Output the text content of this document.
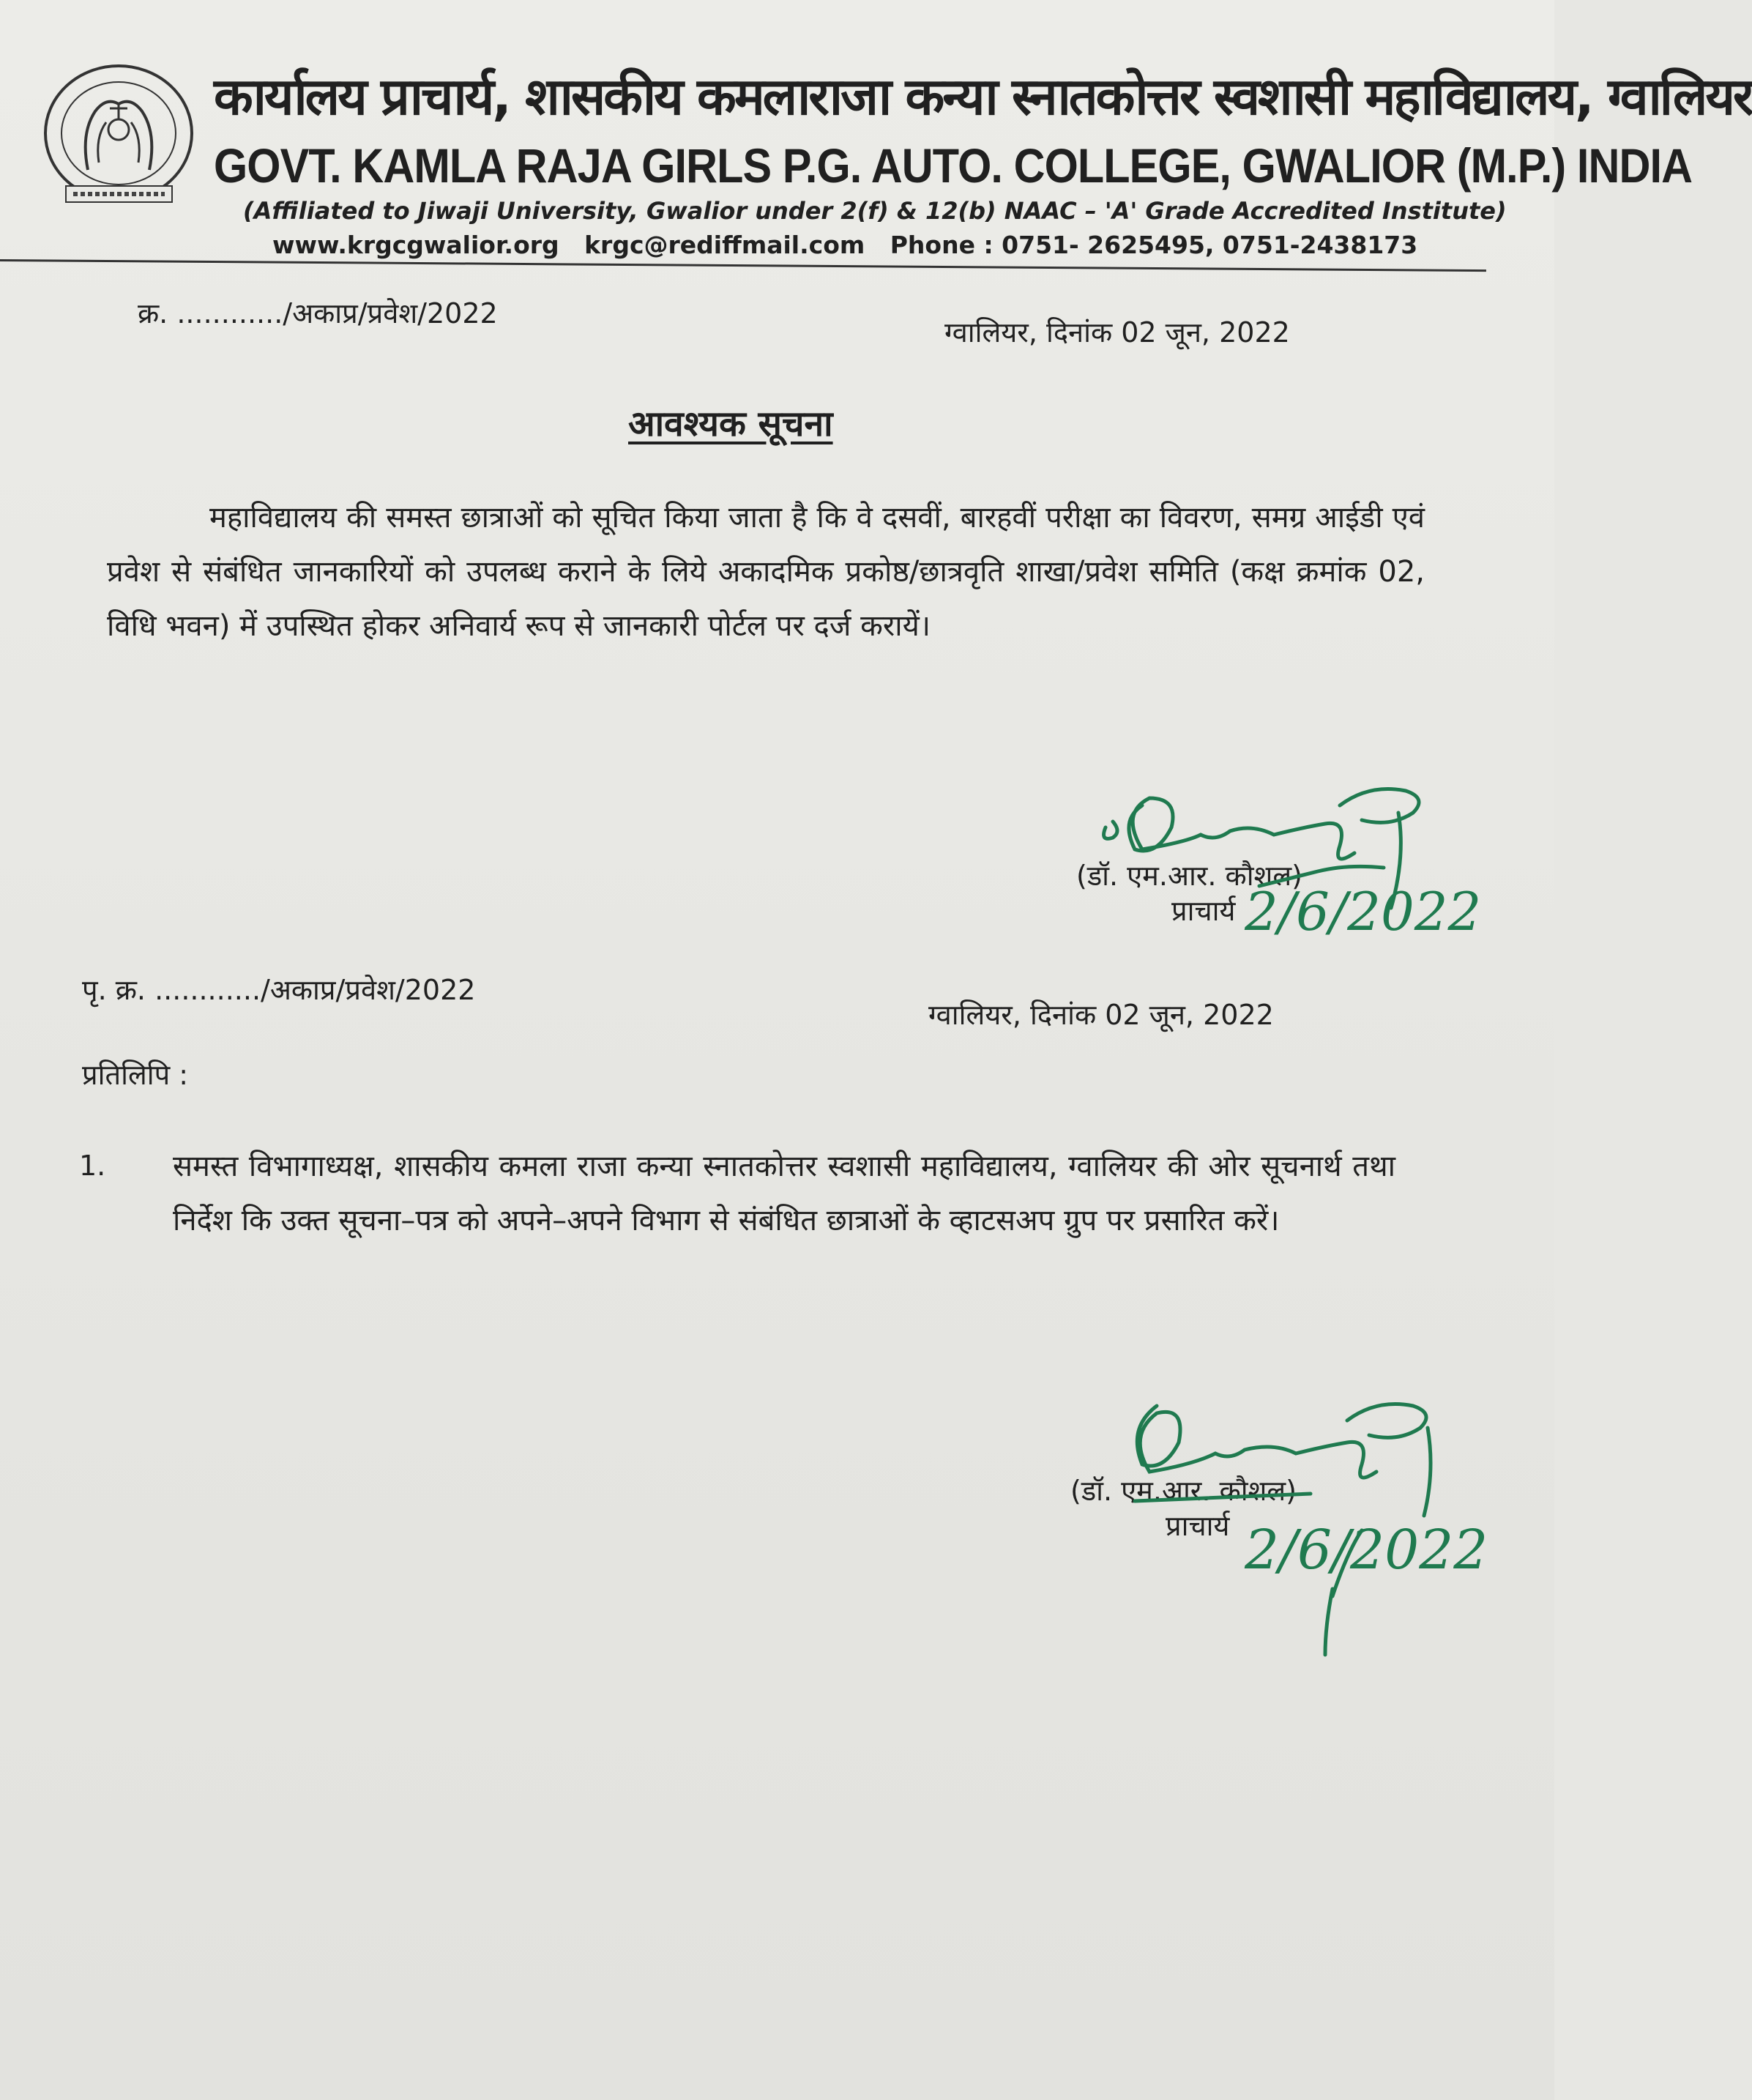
कार्यालय प्राचार्य, शासकीय कमलाराजा कन्या स्नातकोत्तर स्वशासी महाविद्यालय, ग्वालियर
GOVT. KAMLA RAJA GIRLS P.G. AUTO. COLLEGE, GWALIOR (M.P.) INDIA
(Affiliated to Jiwaji University, Gwalior under 2(f) & 12(b) NAAC – 'A' Grade Accredited Institute)
www.krgcgwalior.org krgc@rediffmail.com Phone : 0751- 2625495, 0751-2438173
क्र. ............/अकाप्र/प्रवेश/2022
ग्वालियर, दिनांक 02 जून, 2022
आवश्यक सूचना
महाविद्यालय की समस्त छात्राओं को सूचित किया जाता है कि वे दसवीं, बारहवीं परीक्षा का विवरण, समग्र आईडी एवं प्रवेश से संबंधित जानकारियों को उपलब्ध कराने के लिये अकादमिक प्रकोष्ठ/छात्रवृति शाखा/प्रवेश समिति (कक्ष क्रमांक 02, विधि भवन) में उपस्थित होकर अनिवार्य रूप से जानकारी पोर्टल पर दर्ज करायें।
(डॉ. एम.आर. कौशल)
प्राचार्य 2/6/2022
पृ. क्र. ............/अकाप्र/प्रवेश/2022
ग्वालियर, दिनांक 02 जून, 2022
प्रतिलिपि :
1. समस्त विभागाध्यक्ष, शासकीय कमला राजा कन्या स्नातकोत्तर स्वशासी महाविद्यालय, ग्वालियर की ओर सूचनार्थ तथा निर्देश कि उक्त सूचना–पत्र को अपने–अपने विभाग से संबंधित छात्राओं के व्हाटसअप ग्रुप पर प्रसारित करें।
(डॉ. एम.आर. कौशल)
प्राचार्य 2/6/2022
